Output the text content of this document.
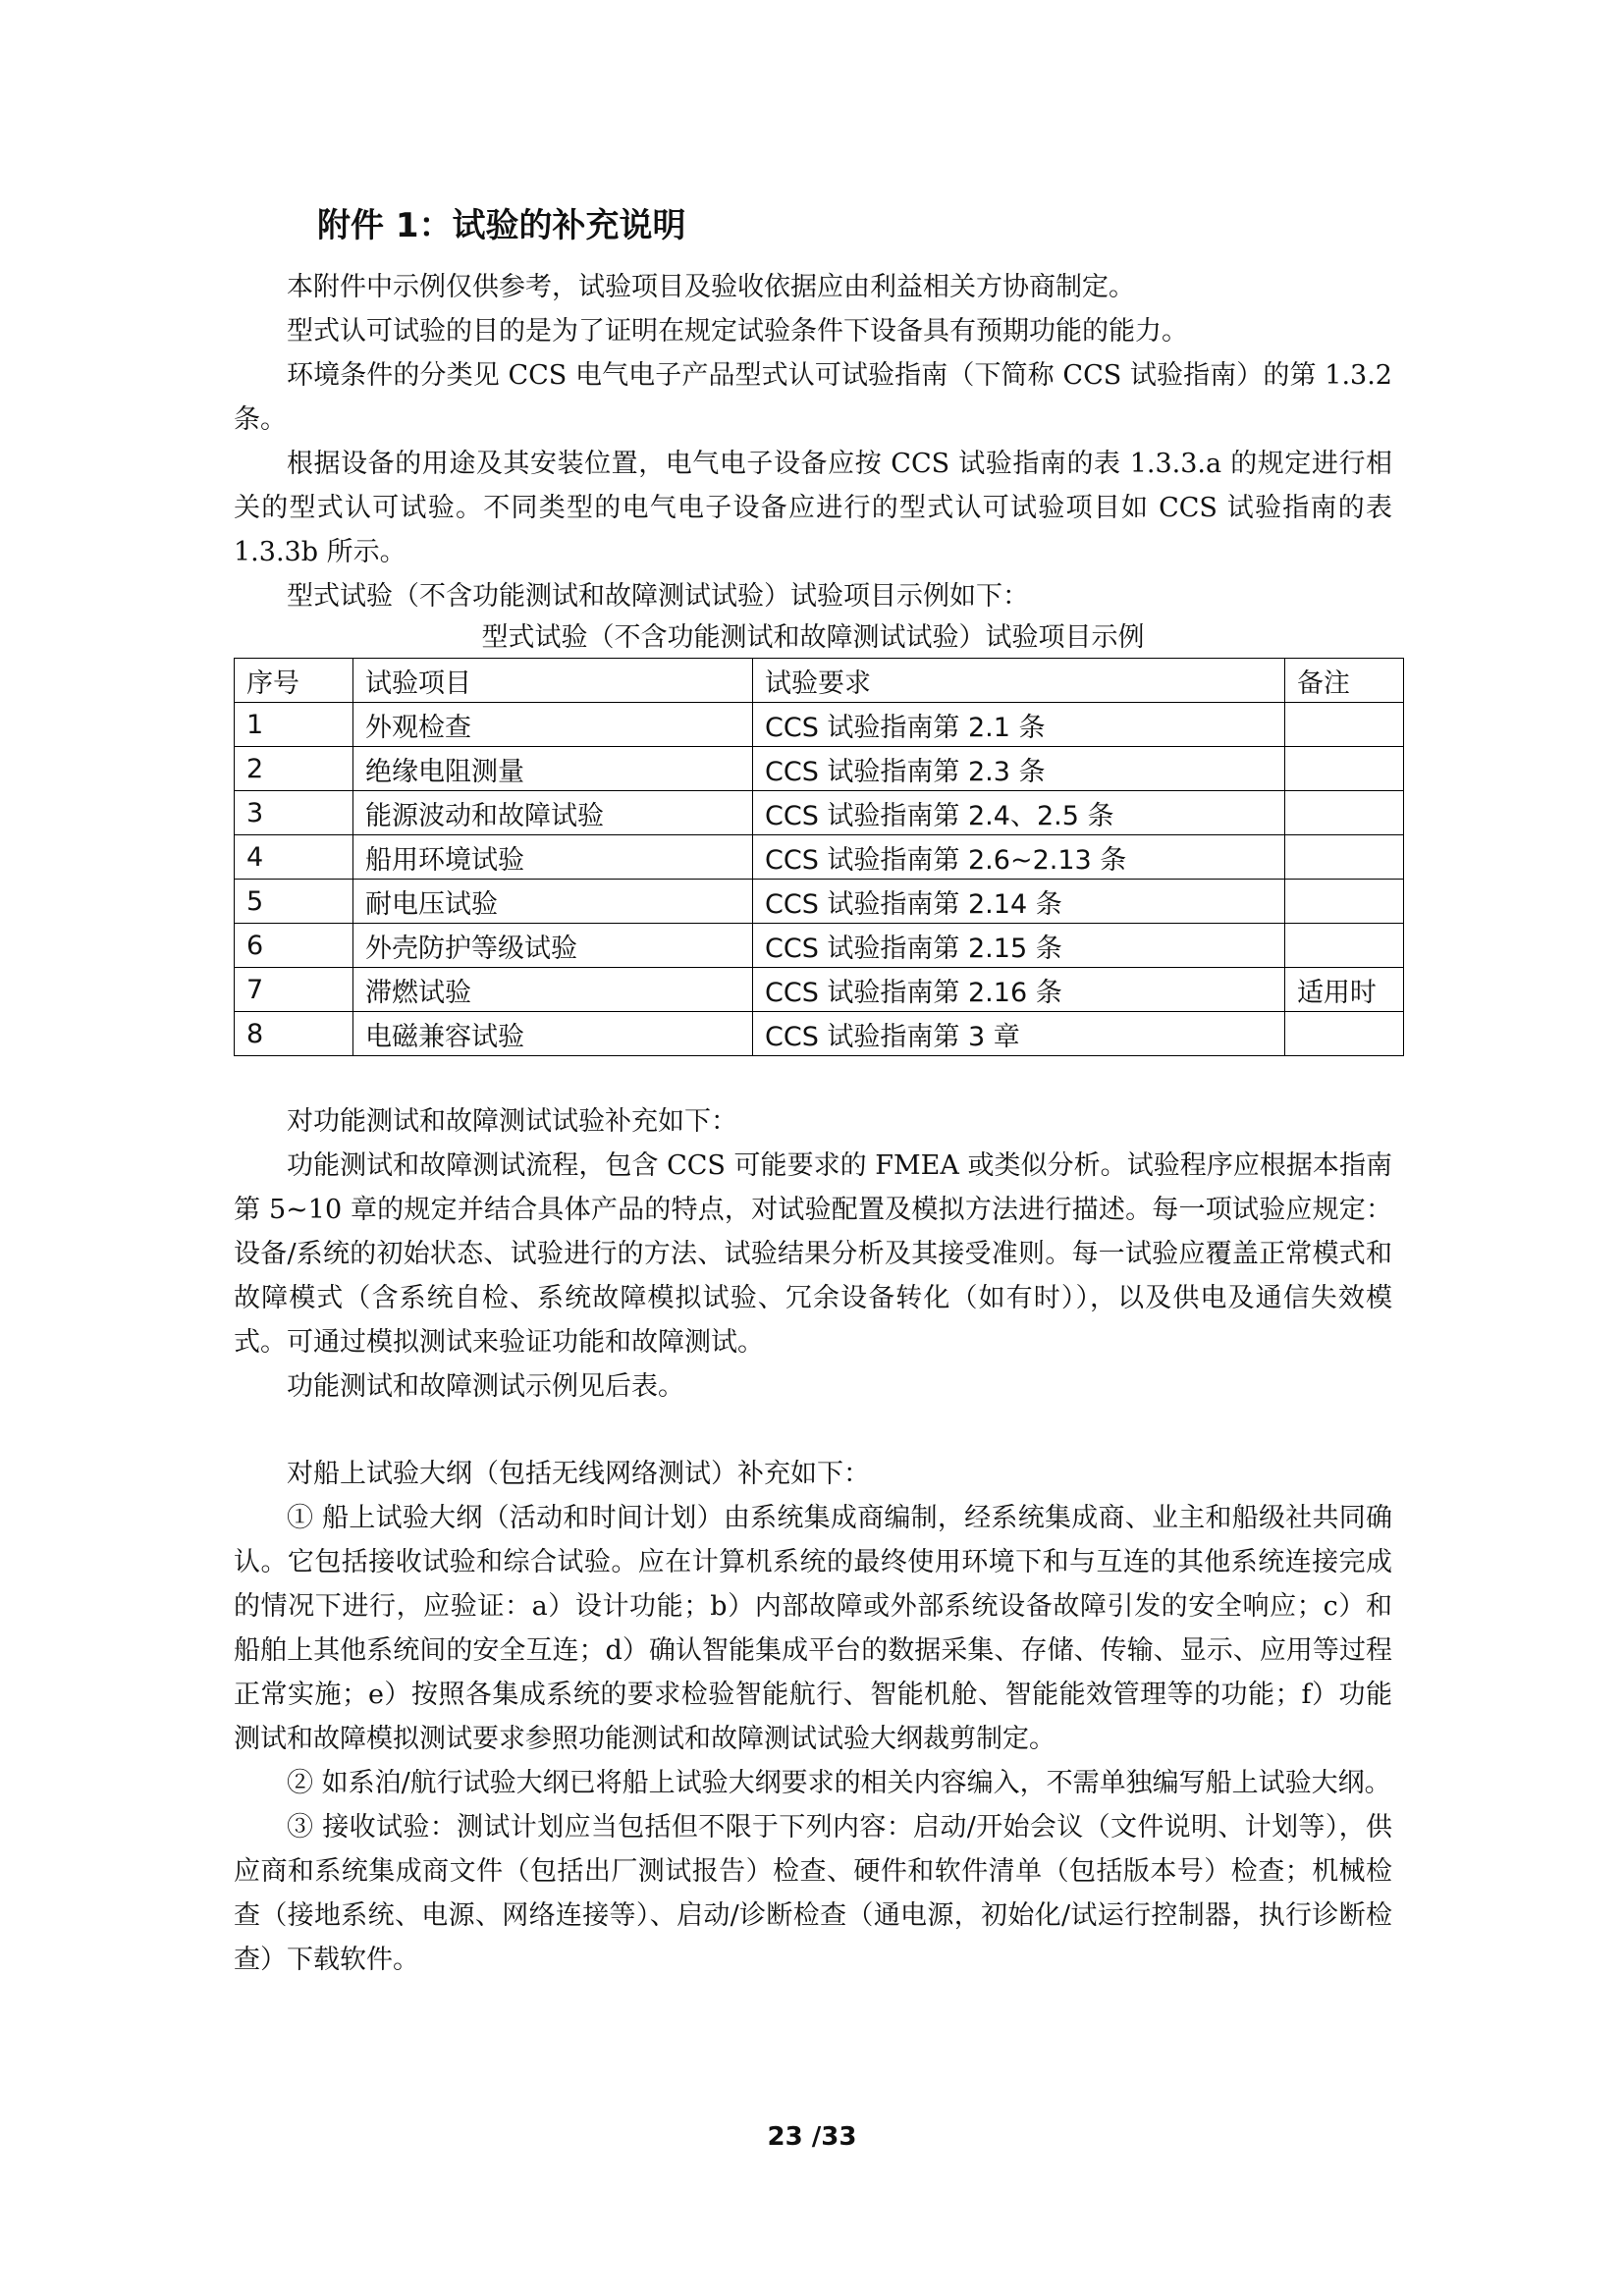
附件 1：试验的补充说明

本附件中示例仅供参考，试验项目及验收依据应由利益相关方协商制定。

型式认可试验的目的是为了证明在规定试验条件下设备具有预期功能的能力。

环境条件的分类见 CCS 电气电子产品型式认可试验指南（下简称 CCS 试验指南）的第 1.3.2 条。

根据设备的用途及其安装位置，电气电子设备应按 CCS 试验指南的表 1.3.3.a 的规定进行相关的型式认可试验。不同类型的电气电子设备应进行的型式认可试验项目如 CCS 试验指南的表 1.3.3b 所示。

型式试验（不含功能测试和故障测试试验）试验项目示例如下：

型式试验（不含功能测试和故障测试试验）试验项目示例

序号	试验项目	试验要求	备注
1	外观检查	CCS 试验指南第 2.1 条	
2	绝缘电阻测量	CCS 试验指南第 2.3 条	
3	能源波动和故障试验	CCS 试验指南第 2.4、2.5 条	
4	船用环境试验	CCS 试验指南第 2.6~2.13 条	
5	耐电压试验	CCS 试验指南第 2.14 条	
6	外壳防护等级试验	CCS 试验指南第 2.15 条	
7	滞燃试验	CCS 试验指南第 2.16 条	适用时
8	电磁兼容试验	CCS 试验指南第 3 章	

对功能测试和故障测试试验补充如下：

功能测试和故障测试流程，包含 CCS 可能要求的 FMEA 或类似分析。试验程序应根据本指南第 5~10 章的规定并结合具体产品的特点，对试验配置及模拟方法进行描述。每一项试验应规定：设备/系统的初始状态、试验进行的方法、试验结果分析及其接受准则。每一试验应覆盖正常模式和故障模式（含系统自检、系统故障模拟试验、冗余设备转化（如有时）），以及供电及通信失效模式。可通过模拟测试来验证功能和故障测试。

功能测试和故障测试示例见后表。

对船上试验大纲（包括无线网络测试）补充如下：

① 船上试验大纲（活动和时间计划）由系统集成商编制，经系统集成商、业主和船级社共同确认。它包括接收试验和综合试验。应在计算机系统的最终使用环境下和与互连的其他系统连接完成的情况下进行，应验证：a）设计功能；b）内部故障或外部系统设备故障引发的安全响应；c）和船舶上其他系统间的安全互连；d）确认智能集成平台的数据采集、存储、传输、显示、应用等过程正常实施；e）按照各集成系统的要求检验智能航行、智能机舱、智能能效管理等的功能；f）功能测试和故障模拟测试要求参照功能测试和故障测试试验大纲裁剪制定。

② 如系泊/航行试验大纲已将船上试验大纲要求的相关内容编入，不需单独编写船上试验大纲。

③ 接收试验：测试计划应当包括但不限于下列内容：启动/开始会议（文件说明、计划等），供应商和系统集成商文件（包括出厂测试报告）检查、硬件和软件清单（包括版本号）检查；机械检查（接地系统、电源、网络连接等）、启动/诊断检查（通电源，初始化/试运行控制器，执行诊断检查）下载软件。

23 /33
